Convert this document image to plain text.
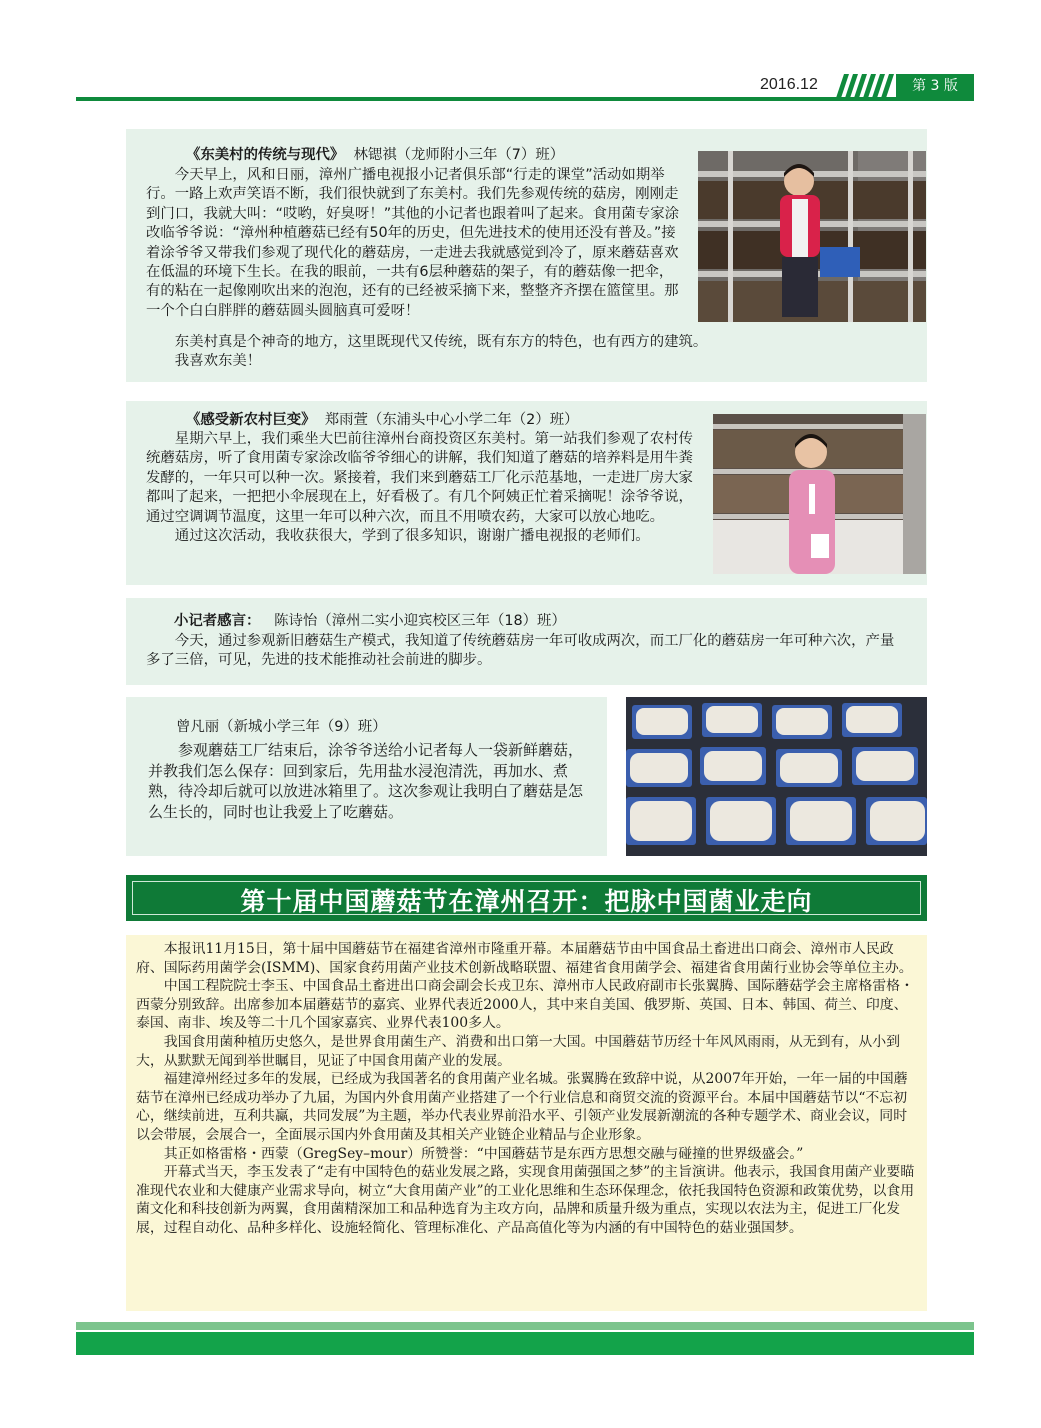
2016.12	第 3 版

《东美村的传统与现代》 林锶祺（龙师附小三年（7）班）

今天早上，风和日丽，漳州广播电视报小记者俱乐部“行走的课堂”活动如期举行。一路上欢声笑语不断，我们很快就到了东美村。我们先参观传统的菇房，刚刚走到门口，我就大叫：“哎哟，好臭呀！”其他的小记者也跟着叫了起来。食用菌专家涂改临爷爷说：“漳州种植蘑菇已经有50年的历史，但先进技术的使用还没有普及。”接着涂爷爷又带我们参观了现代化的蘑菇房，一走进去我就感觉到冷了，原来蘑菇喜欢在低温的环境下生长。在我的眼前，一共有6层种蘑菇的架子，有的蘑菇像一把伞，有的粘在一起像刚吹出来的泡泡，还有的已经被采摘下来，整整齐齐摆在篮筐里。那一个个白白胖胖的蘑菇圆头圆脑真可爱呀！

东美村真是个神奇的地方，这里既现代又传统，既有东方的特色，也有西方的建筑。

我喜欢东美！

《感受新农村巨变》 郑雨萱（东浦头中心小学二年（2）班）

星期六早上，我们乘坐大巴前往漳州台商投资区东美村。第一站我们参观了农村传统蘑菇房，听了食用菌专家涂改临爷爷细心的讲解，我们知道了蘑菇的培养料是用牛粪发酵的，一年只可以种一次。紧接着，我们来到蘑菇工厂化示范基地，一走进厂房大家都叫了起来，一把把小伞展现在上，好看极了。有几个阿姨正忙着采摘呢！涂爷爷说，通过空调调节温度，这里一年可以种六次，而且不用喷农药，大家可以放心地吃。

通过这次活动，我收获很大，学到了很多知识，谢谢广播电视报的老师们。

小记者感言： 陈诗怡（漳州二实小迎宾校区三年（18）班）

今天，通过参观新旧蘑菇生产模式，我知道了传统蘑菇房一年可收成两次，而工厂化的蘑菇房一年可种六次，产量多了三倍，可见，先进的技术能推动社会前进的脚步。

曾凡丽（新城小学三年（9）班）

参观蘑菇工厂结束后，涂爷爷送给小记者每人一袋新鲜蘑菇，并教我们怎么保存：回到家后，先用盐水浸泡清洗，再加水、煮熟，待冷却后就可以放进冰箱里了。这次参观让我明白了蘑菇是怎么生长的，同时也让我爱上了吃蘑菇。

第十届中国蘑菇节在漳州召开：把脉中国菌业走向

本报讯11月15日，第十届中国蘑菇节在福建省漳州市隆重开幕。本届蘑菇节由中国食品土畜进出口商会、漳州市人民政府、国际药用菌学会(ISMM)、国家食药用菌产业技术创新战略联盟、福建省食用菌学会、福建省食用菌行业协会等单位主办。

中国工程院院士李玉、中国食品土畜进出口商会副会长戎卫东、漳州市人民政府副市长张翼腾、国际蘑菇学会主席格雷格・西蒙分别致辞。出席参加本届蘑菇节的嘉宾、业界代表近2000人，其中来自美国、俄罗斯、英国、日本、韩国、荷兰、印度、泰国、南非、埃及等二十几个国家嘉宾、业界代表100多人。

我国食用菌种植历史悠久，是世界食用菌生产、消费和出口第一大国。中国蘑菇节历经十年风风雨雨，从无到有，从小到大，从默默无闻到举世瞩目，见证了中国食用菌产业的发展。

福建漳州经过多年的发展，已经成为我国著名的食用菌产业名城。张翼腾在致辞中说，从2007年开始，一年一届的中国蘑菇节在漳州已经成功举办了九届，为国内外食用菌产业搭建了一个行业信息和商贸交流的资源平台。本届中国蘑菇节以“不忘初心，继续前进，互利共赢，共同发展”为主题，举办代表业界前沿水平、引领产业发展新潮流的各种专题学术、商业会议，同时以会带展，会展合一，全面展示国内外食用菌及其相关产业链企业精品与企业形象。

其正如格雷格・西蒙（GregSey–mour）所赞誉：“中国蘑菇节是东西方思想交融与碰撞的世界级盛会。”

开幕式当天，李玉发表了“走有中国特色的菇业发展之路，实现食用菌强国之梦”的主旨演讲。他表示，我国食用菌产业要瞄准现代农业和大健康产业需求导向，树立“大食用菌产业”的工业化思维和生态环保理念，依托我国特色资源和政策优势，以食用菌文化和科技创新为两翼，食用菌精深加工和品种选育为主攻方向，品牌和质量升级为重点，实现以农法为主，促进工厂化发展，过程自动化、品种多样化、设施轻简化、管理标准化、产品高值化等为内涵的有中国特色的菇业强国梦。
